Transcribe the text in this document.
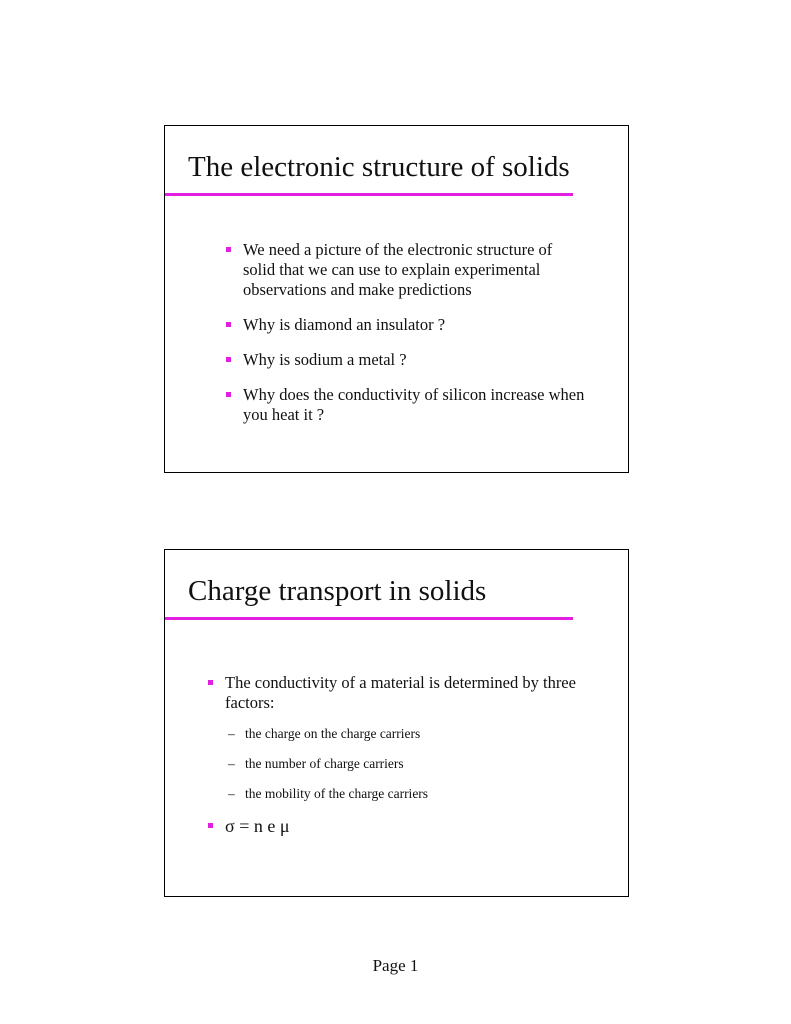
The electronic structure of solids
We need a picture of the electronic structure of solid that we can use to explain experimental observations and make predictions
Why is diamond an insulator ?
Why is sodium a metal ?
Why does the conductivity of silicon increase when you heat it ?
Charge transport in solids
The conductivity of a material is determined by three factors:
– the charge on the charge carriers
– the number of charge carriers
– the mobility of the charge carriers
σ = n e μ
Page 1
